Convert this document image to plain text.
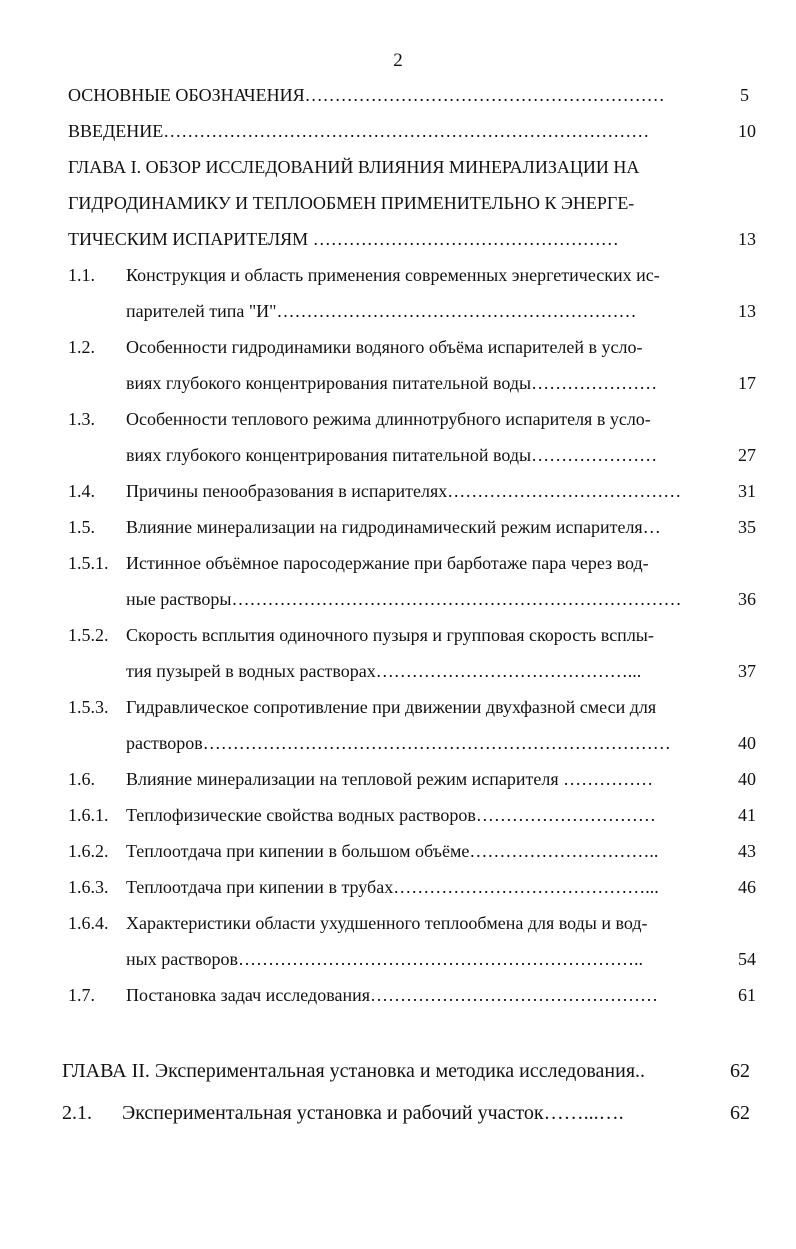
2
ОСНОВНЫЕ ОБОЗНАЧЕНИЯ……………………………………………………	5
ВВЕДЕНИЕ………………………………………………………………………	10
ГЛАВА I. ОБЗОР ИССЛЕДОВАНИЙ ВЛИЯНИЯ МИНЕРАЛИЗАЦИИ НА
ГИДРОДИНАМИКУ И ТЕПЛООБМЕН ПРИМЕНИТЕЛЬНО К ЭНЕРГЕ-
ТИЧЕСКИМ ИСПАРИТЕЛЯМ ……………………………………………	13
1.1. Конструкция и область применения современных энергетических ис-
парителей типа "И"……………………………………………………	13
1.2. Особенности гидродинамики водяного объёма испарителей в усло-
виях глубокого концентрирования питательной воды…………………	17
1.3. Особенности теплового режима длиннотрубного испарителя в усло-
виях глубокого концентрирования питательной воды…………………	27
1.4. Причины пенообразования в испарителях…………………………………	31
1.5. Влияние минерализации на гидродинамический режим испарителя…	35
1.5.1. Истинное объёмное паросодержание при барботаже пара через вод-
ные растворы…………………………………………………………………	36
1.5.2. Скорость всплытия одиночного пузыря и групповая скорость всплы-
тия пузырей в водных растворах……………………………………...	37
1.5.3. Гидравлическое сопротивление при движении двухфазной смеси для
растворов……………………………………………………………………	40
1.6. Влияние минерализации на тепловой режим испарителя ……………	40
1.6.1. Теплофизические свойства водных растворов…………………………	41
1.6.2. Теплоотдача при кипении в большом объёме…………………………..	43
1.6.3. Теплоотдача при кипении в трубах……………………………………...	46
1.6.4. Характеристики области ухудшенного теплообмена для воды и вод-
ных растворов…………………………………………………………..	54
1.7. Постановка задач исследования…………………………………………	61
ГЛАВА II. Экспериментальная установка и методика исследования..	62
2.1. Экспериментальная установка и рабочий участок……...….	62
